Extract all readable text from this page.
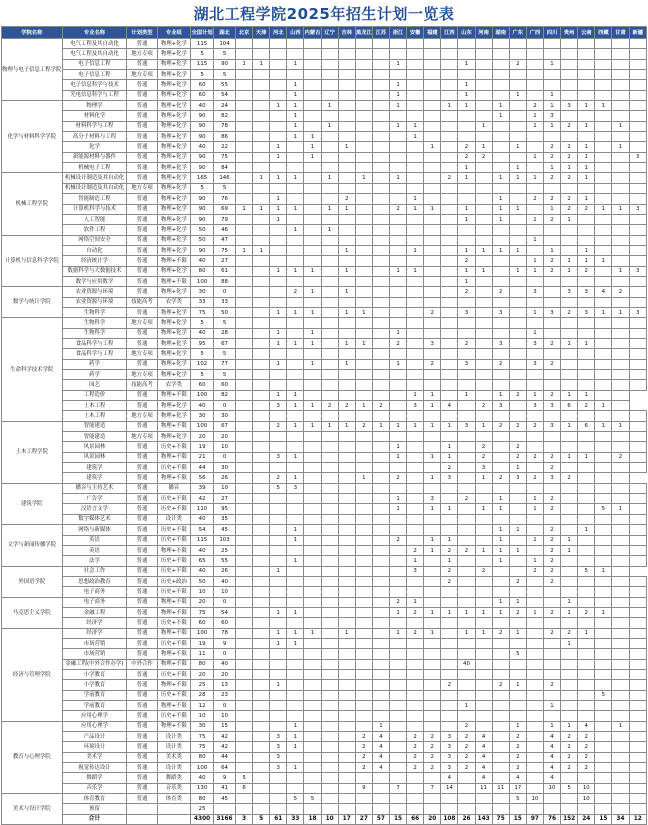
湖北工程学院2025年招生计划一览表
学院名称	专业名称	计划类型	专业组	全国计划	湖北	北京	天津	河北	山西	内蒙古	辽宁	吉林	黑龙江	江苏	浙江	安徽	福建	江西	山东	河南	湖南	广东	广西	四川	贵州	云南	西藏	甘肃	新疆
物理与电子信息工程学院	电气工程及其自动化	普通	物理+化学	115	104																								
	电气工程及其自动化	地方专项	物理+化学	5	5																								
	电子信息工程	普通	物理+化学	115	90	1	1		1						1				1			2		1					
	电子信息工程	地方专项	物理+化学	5	5																								
	电子信息科学与技术	普通	物理+化学	60	55				1						1				1										
	光电信息科学与工程	普通	物理+化学	60	54				1						1				1			1		1					
化学与材料科学学院	物理学	普通	物理+化学	40	24			1	1		1				1			1	1		1		2	1	3	1	1		
	材料化学	普通	物理+化学	90	82				1												1		1	3					
	材料科学与工程	普通	物理+化学	90	78				1		1				1	1				1			1	1	2	1		1	
	高分子材料与工程	普通	物理+化学	90	86				1	1						1													
	化学	普通	物理+化学	40	22			1		1		1					1		2	1		1		2	2	1		1	
	新能源材料与器件	普通	物理+化学	90	75			1		1									2	2			1	2	2	1			3
	机械电子工程	普通	物理+化学	90	84														1			1		1	1	1			
机械工程学院	机械设计制造及其自动化	普通	物理+化学	165	146		1	1	1		1		1		1			2	1		1	1	1	2	2	1			
	机械设计制造及其自动化	地方专项	物理+化学	5	5																								
	智能制造工程	普通	物理+化学	90	76			1				2				1					1		2	2	2	1			
	计算机科学与技术	普通	物理+化学	90	69	1	1	1	1		1	1			2	1	1		1		1	1		1	2	2	1	1	3
	人工智能	普通	物理+化学	90	79			1											1		1		1	2	1				
	软件工程	普通	物理+化学	50	46				1		1																		
计算机与信息科学学院	网络空间安全	普通	物理+化学	50	47																		1						
	自动化	普通	物理+化学	90	75	1	1					1				1			1	1	1	1		1		1			
	经济统计学	普通	物理+不限	40	27														2				1	2	1	1	1		
	数据科学与大数据技术	普通	物理+化学	80	61			1	1	1		1			1	1			1	1		1	1	2	1	2		1	3
	数学与应用数学	普通	物理+不限	100	88														1										
数学与统计学院	农业资源与环境	普通	物理+化学	30	0				2	1		1							2		2		3		3	3	4	2	
	农业资源与环境	技能高考	农学类	33	33																								
	生物科学	普通	物理+化学	75	50			1	1	1		1	1				2		3		3		1	3	2	3	1	1	3
生命科学技术学院	生物科学	地方专项	物理+化学	5	5																								
	生物科学	普通	物理+化学	40	28			1		1					1								1						
	食品科学与工程	普通	物理+化学	95	67			1	1	1		1	1		2		3		2		3		3	2	1	1			
	食品科学与工程	地方专项	物理+化学	5	5																								
	药学	普通	物理+化学	102	77			1		1		1			1		2		3		2		3	2					
	药学	地方专项	物理+化学	5	5																								
	园艺	技能高考	农学类	60	60																								
	工程造价	普通	物理+不限	100	82			1	1							1	1		1		1	2	1	2	1	1			
	土木工程	普通	物理+化学	40	0			3	1	1	2	2	1	2		3	1	4		2	3		3	3	6	2	1		
	土木工程	地方专项	物理+化学	30	30																								
土木工程学院	智能建造	普通	物理+不限	100	67			2	1	1	1	1	2	1	1	1	1	1	3	1	2	2	2	3	1	6	1	1	
	智能建造	地方专项	物理+化学	20	20																								
	风景园林	普通	历史+不限	19	10										1			1		2		2							
	风景园林	普通	物理+不限	21	0			3	1						1		1	1		2		2	2	2	1	1		2	
	建筑学	普通	历史+不限	44	30													2		3		1		2					
	建筑学	普通	物理+不限	56	26			2	1				1		2		1	3		1	2	3	2	3	2				
建筑学院	播音与主持艺术	普通	播音	39	10			5	3																				
	广告学	普通	历史+不限	42	27										1		3		2		1		1	2					
	汉语言文学	普通	历史+不限	110	95										1		1	1		1	1		1	2			5	1	
	数字媒体艺术	普通	设计类	40	35																								
文学与新闻传播学院	网络与新媒体	普通	历史+不限	54	45				1												1	1		2		1			
	英语	普通	历史+不限	115	103				1						2		1	1			1		1	2	1				
	英语	普通	物理+不限	40	25											2	1	2	2	1	1	1		2	1				
	法学	普通	历史+不限	65	55				1							1		1			1		1	2					
外国语学院	社会工作	普通	历史+不限	40	26			1								3		2		2			2	2		5	1		
	思想政治教育	普通	历史+政治	50	40													2				2		2					
	电子商务	普通	历史+不限	10	10																								
马克思主义学院	电子商务	普通	物理+不限	20	0										2	1					1	1			1				
	金融工程	普通	物理+不限	75	54			1	1						1	2	1	1	1	1	1	2	1	2	1	2	1		
	经济学	普通	历史+不限	60	60																								
经济与管理学院	经济学	普通	物理+不限	100	78			1	1	1		1			1	2	1		1	1	2	1		2	2	1			
	市场营销	普通	历史+不限	19	9			1	1																1				
	市场营销	普通	物理+不限	11	0																	5							
	金融工程(中外合作办学)	中外合作	物理+不限	80	40														40										
	小学教育	普通	历史+不限	20	20																								
	小学教育	普通	物理+不限	25	13			1										2			2	1		2					
	学前教育	普通	历史+不限	28	23																						5		
	学前教育	普通	物理+不限	12	0														1					1					
	应用心理学	普通	历史+不限	10	10																								
教育与心理学院	应用心理学	普通	物理+不限	30	15				1					1					2			1		1	1	4		1	
	产品设计	普通	设计类	75	42			3	1				2	4		2	2	3	2	4		2		4	2	2			
	环境设计	普通	设计类	75	42			3	1				2	4		2	2	3	2	4		2		4	2	2			
	美术学	普通	美术类	80	44			3					2	4		2	2	3	2	4		2		4	2	2			
	视觉传达设计	普通	设计类	100	64			3	1				2	4		2	2	3	2	4		2		4	2	2			
	舞蹈学	普通	舞蹈类	40	9	5												4		4		4		4					
	音乐学	普通	音乐类	130	41	6							9		7		7	14		11	11	17		10	5	10			
美术与设计学院	体育教育	普通	体育类	80	45				5	5												5	10			10			
	预留			25																									
	合计			4300	3166	3	5	61	33	18	10	17	27	57	15	66	20	108	26	143	75	15	97	76	152	24	15	34	12
